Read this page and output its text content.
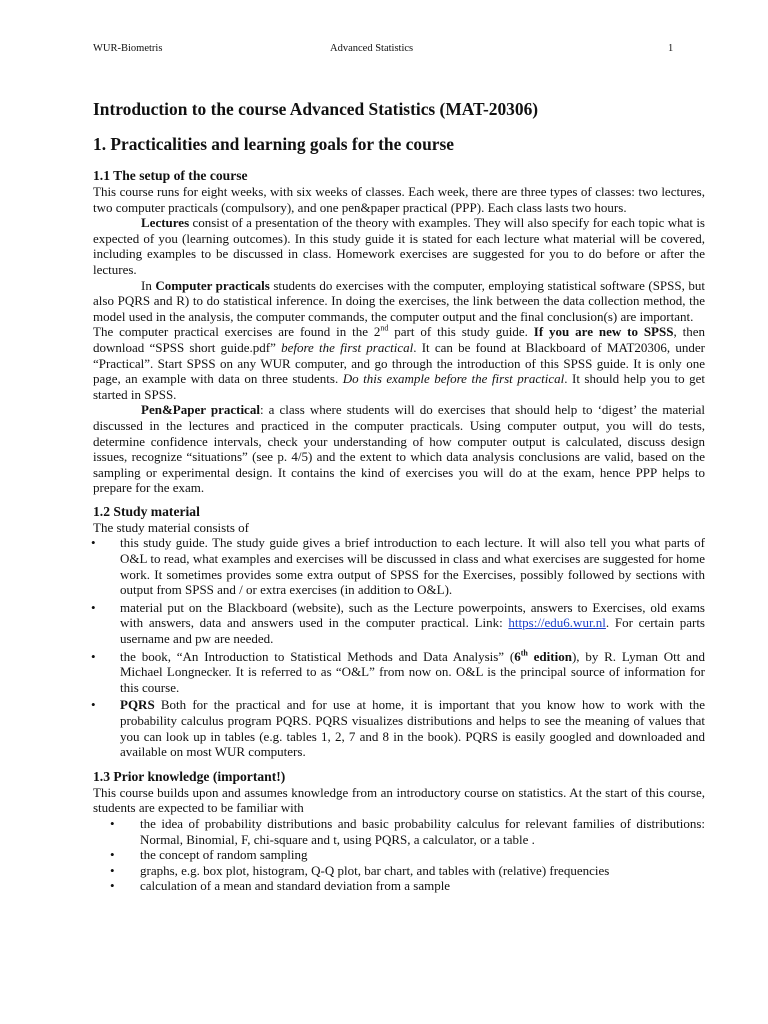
WUR-Biometris	Advanced Statistics	1
Introduction to the course Advanced Statistics (MAT-20306)
1. Practicalities and learning goals for the course
1.1 The setup of the course

This course runs for eight weeks, with six weeks of classes. Each week, there are three types of classes: two lectures, two computer practicals (compulsory), and one pen&paper practical (PPP). Each class lasts two hours.

Lectures consist of a presentation of the theory with examples. They will also specify for each topic what is expected of you (learning outcomes). In this study guide it is stated for each lecture what material will be covered, including examples to be discussed in class. Homework exercises are suggested for you to do before or after the lectures.

In Computer practicals students do exercises with the computer, employing statistical software (SPSS, but also PQRS and R) to do statistical inference. In doing the exercises, the link between the data collection method, the model used in the analysis, the computer commands, the computer output and the final conclusion(s) are important.

The computer practical exercises are found in the 2nd part of this study guide. If you are new to SPSS, then download “SPSS short guide.pdf” before the first practical. It can be found at Blackboard of MAT20306, under “Practical”. Start SPSS on any WUR computer, and go through the introduction of this SPSS guide. It is only one page, an example with data on three students. Do this example before the first practical. It should help you to get started in SPSS.

Pen&Paper practical: a class where students will do exercises that should help to ‘digest’ the material discussed in the lectures and practiced in the computer practicals. Using computer output, you will do tests, determine confidence intervals, check your understanding of how computer output is calculated, discuss design issues, recognize “situations” (see p. 4/5) and the extent to which data analysis conclusions are valid, based on the sampling or experimental design. It contains the kind of exercises you will do at the exam, hence PPP helps to prepare for the exam.

1.2 Study material

The study material consists of

• this study guide. The study guide gives a brief introduction to each lecture. It will also tell you what parts of O&L to read, what examples and exercises will be discussed in class and what exercises are suggested for home work. It sometimes provides some extra output of SPSS for the Exercises, possibly followed by sections with output from SPSS and / or extra exercises (in addition to O&L).
• material put on the Blackboard (website), such as the Lecture powerpoints, answers to Exercises, old exams with answers, data and answers used in the computer practical. Link: https://edu6.wur.nl. For certain parts username and pw are needed.
• the book, “An Introduction to Statistical Methods and Data Analysis” (6th edition), by R. Lyman Ott and Michael Longnecker. It is referred to as “O&L” from now on. O&L is the principal source of information for this course.
• PQRS Both for the practical and for use at home, it is important that you know how to work with the probability calculus program PQRS. PQRS visualizes distributions and helps to see the meaning of values that you can look up in tables (e.g. tables 1, 2, 7 and 8 in the book). PQRS is easily googled and downloaded and available on most WUR computers.
1.3 Prior knowledge (important!)

This course builds upon and assumes knowledge from an introductory course on statistics. At the start of this course, students are expected to be familiar with

• the idea of probability distributions and basic probability calculus for relevant families of distributions: Normal, Binomial, F, chi-square and t, using PQRS, a calculator, or a table .
• the concept of random sampling
• graphs, e.g. box plot, histogram, Q-Q plot, bar chart, and tables with (relative) frequencies
• calculation of a mean and standard deviation from a sample
